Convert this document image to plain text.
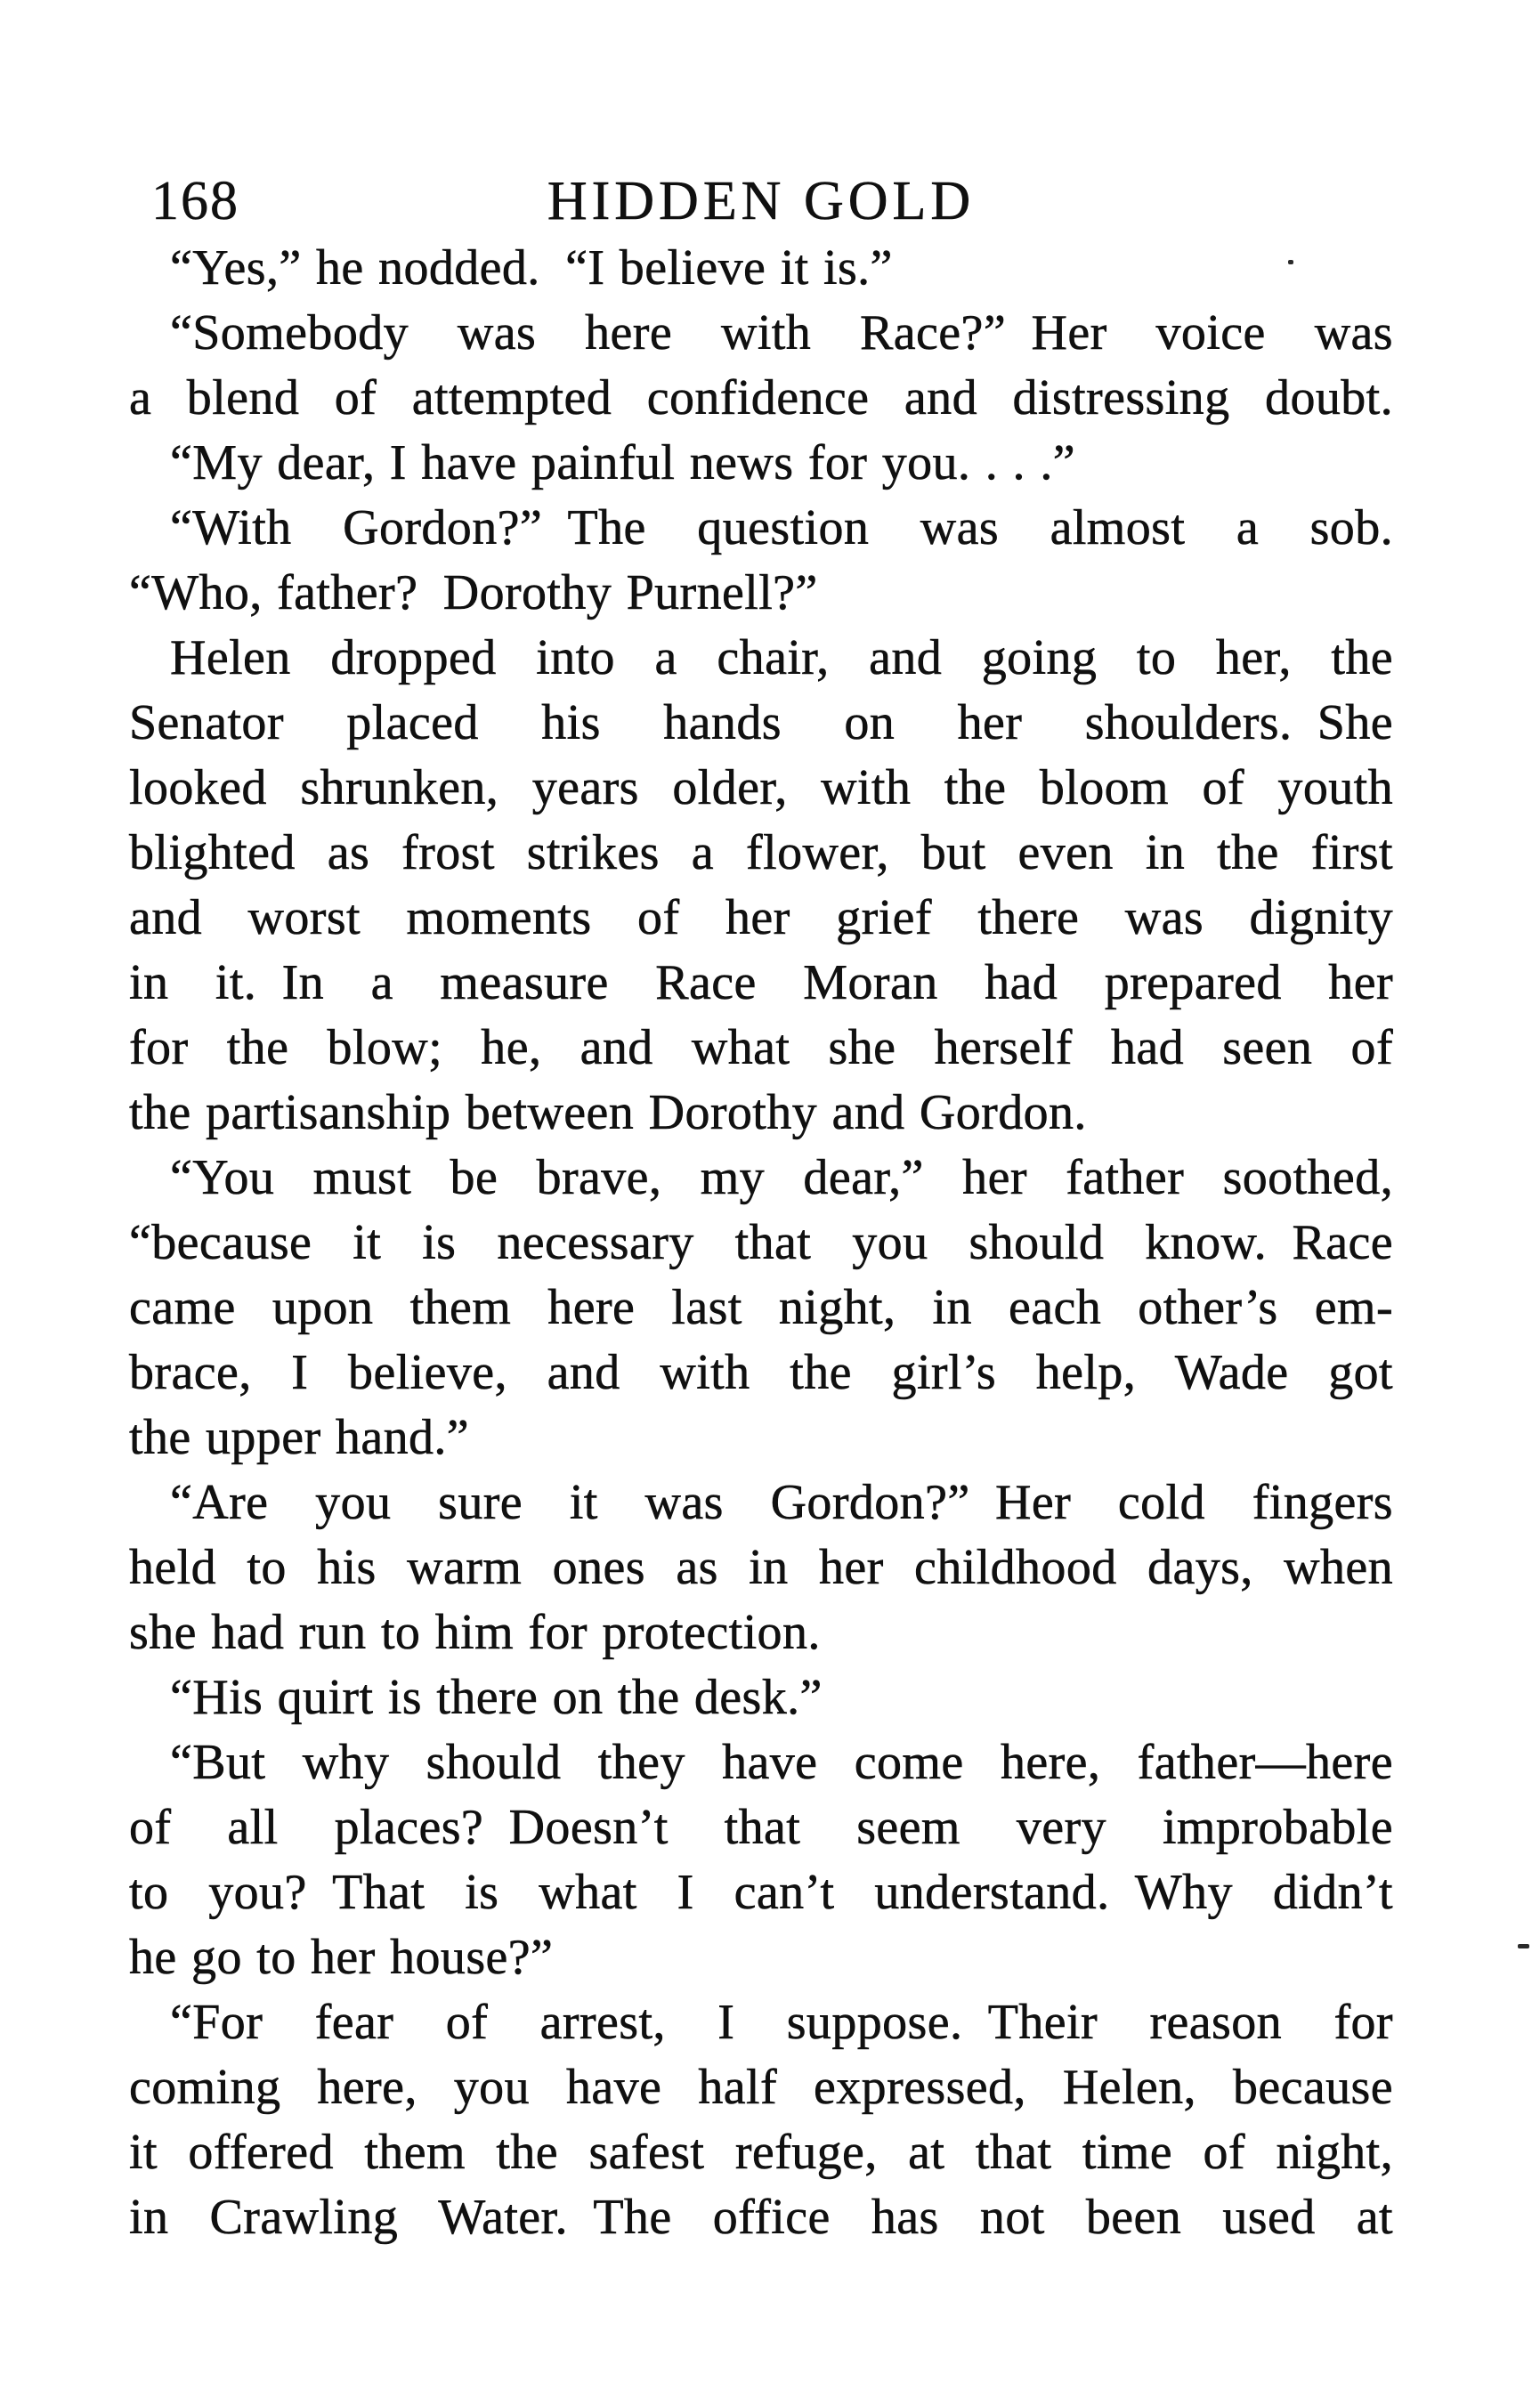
168	HIDDEN GOLD
“Yes,” he nodded. “I believe it is.”
“Somebody was here with Race?” Her voice was
a blend of attempted confidence and distressing doubt.
“My dear, I have painful news for you. . . .”
“With Gordon?” The question was almost a sob.
“Who, father? Dorothy Purnell?”
Helen dropped into a chair, and going to her, the
Senator placed his hands on her shoulders. She
looked shrunken, years older, with the bloom of youth
blighted as frost strikes a flower, but even in the first
and worst moments of her grief there was dignity
in it. In a measure Race Moran had prepared her
for the blow; he, and what she herself had seen of
the partisanship between Dorothy and Gordon.
“You must be brave, my dear,” her father soothed,
“because it is necessary that you should know. Race
came upon them here last night, in each other’s em-
brace, I believe, and with the girl’s help, Wade got
the upper hand.”
“Are you sure it was Gordon?” Her cold fingers
held to his warm ones as in her childhood days, when
she had run to him for protection.
“His quirt is there on the desk.”
“But why should they have come here, father—here
of all places? Doesn’t that seem very improbable
to you? That is what I can’t understand. Why didn’t
he go to her house?”
“For fear of arrest, I suppose. Their reason for
coming here, you have half expressed, Helen, because
it offered them the safest refuge, at that time of night,
in Crawling Water. The office has not been used at
